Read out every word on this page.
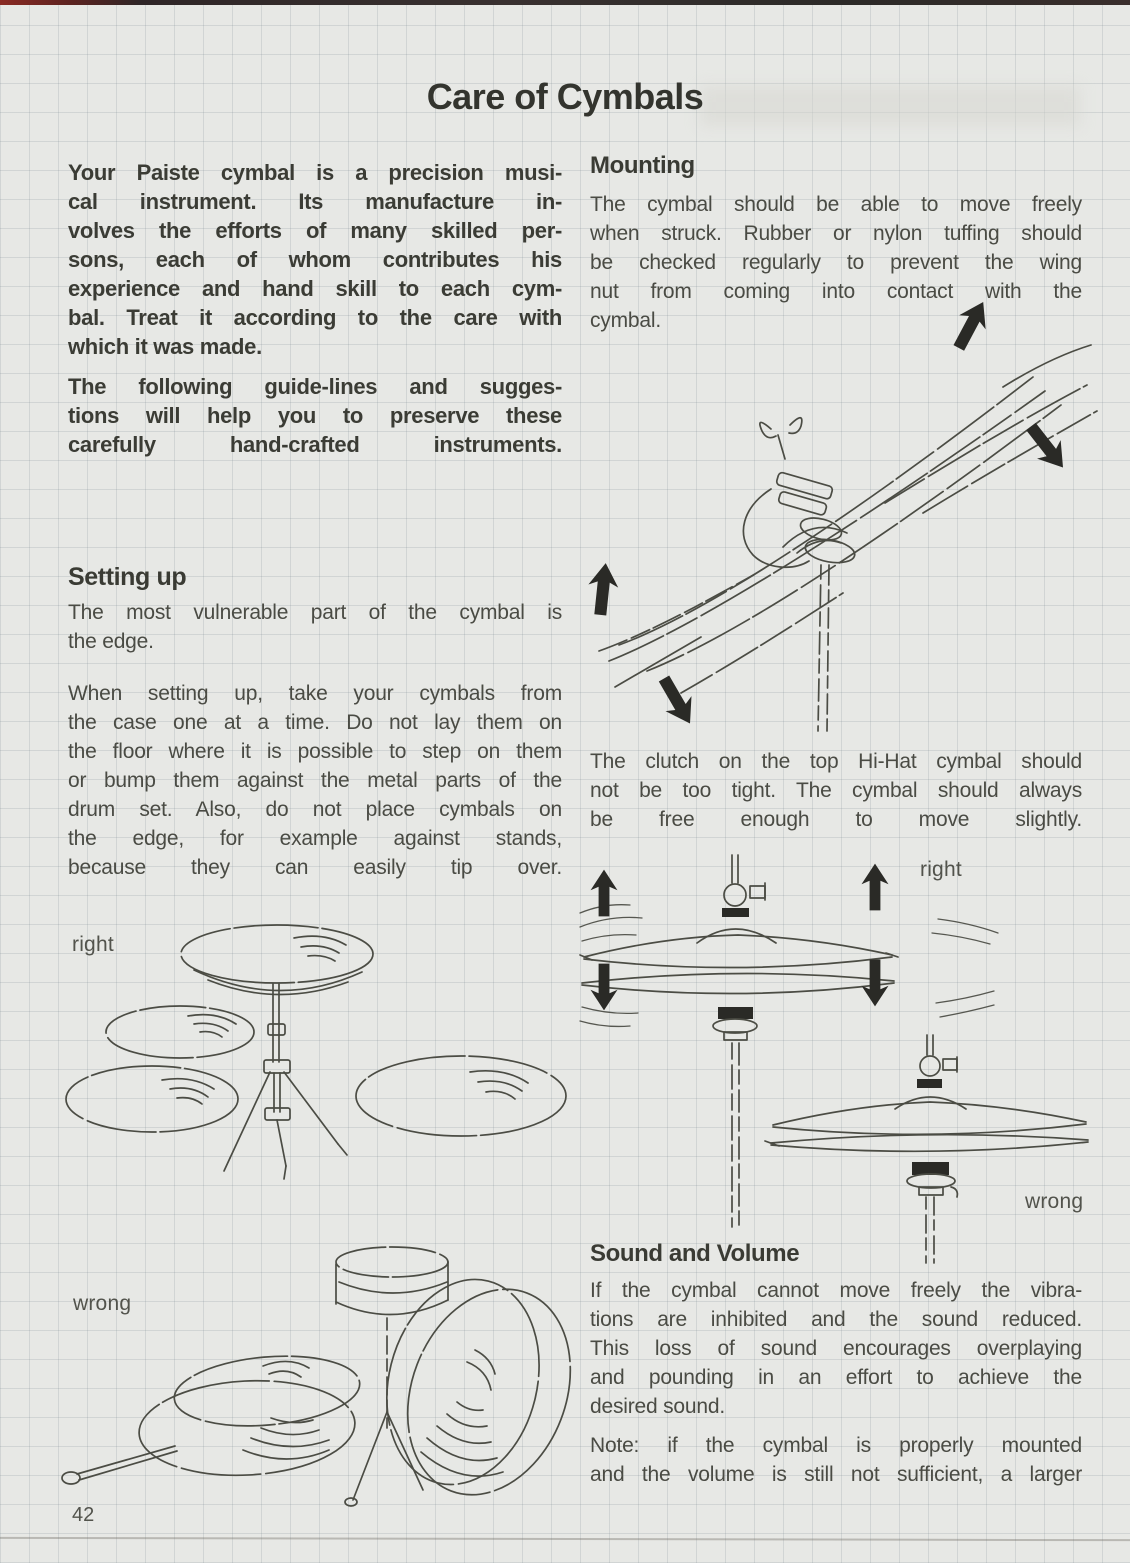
Care of Cymbals
Your Paiste cymbal is a precision musi-
cal instrument. Its manufacture in-
volves the efforts of many skilled per-
sons, each of whom contributes his
experience and hand skill to each cym-
bal. Treat it according to the care with
which it was made.
The following guide-lines and sugges-
tions will help you to preserve these
carefully hand-crafted instruments.
Setting up
The most vulnerable part of the cymbal is
the edge.
When setting up, take your cymbals from
the case one at a time. Do not lay them on
the floor where it is possible to step on them
or bump them against the metal parts of the
drum set. Also, do not place cymbals on
the edge, for example against stands,
because they can easily tip over.
right
wrong
42
Mounting
The cymbal should be able to move freely
when struck. Rubber or nylon tuffing should
be checked regularly to prevent the wing
nut from coming into contact with the
cymbal.
The clutch on the top Hi-Hat cymbal should
not be too tight. The cymbal should always
be free enough to move slightly.
right
wrong
Sound and Volume
If the cymbal cannot move freely the vibra-
tions are inhibited and the sound reduced.
This loss of sound encourages overplaying
and pounding in an effort to achieve the
desired sound.
Note: if the cymbal is properly mounted
and the volume is still not sufficient, a larger
